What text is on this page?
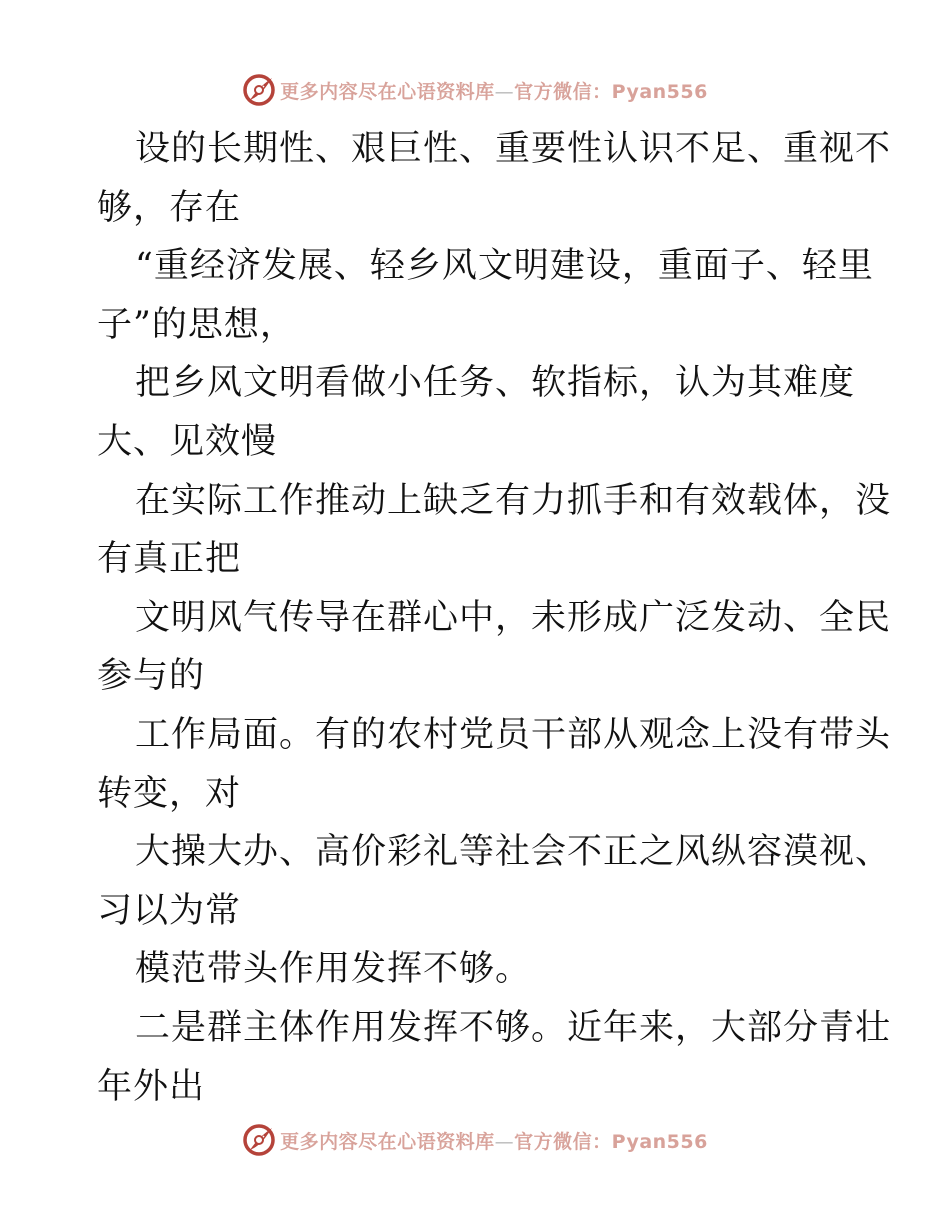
更多内容尽在心语资料库—官方微信：Pyan556
设的长期性、艰巨性、重要性认识不足、重视不
够，存在
“重经济发展、轻乡风文明建设，重面子、轻里
子”的思想，
把乡风文明看做小任务、软指标，认为其难度
大、见效慢
在实际工作推动上缺乏有力抓手和有效载体，没
有真正把
文明风气传导在群心中，未形成广泛发动、全民
参与的
工作局面。有的农村党员干部从观念上没有带头
转变，对
大操大办、高价彩礼等社会不正之风纵容漠视、
习以为常
模范带头作用发挥不够。
二是群主体作用发挥不够。近年来，大部分青壮
年外出
更多内容尽在心语资料库—官方微信：Pyan556
